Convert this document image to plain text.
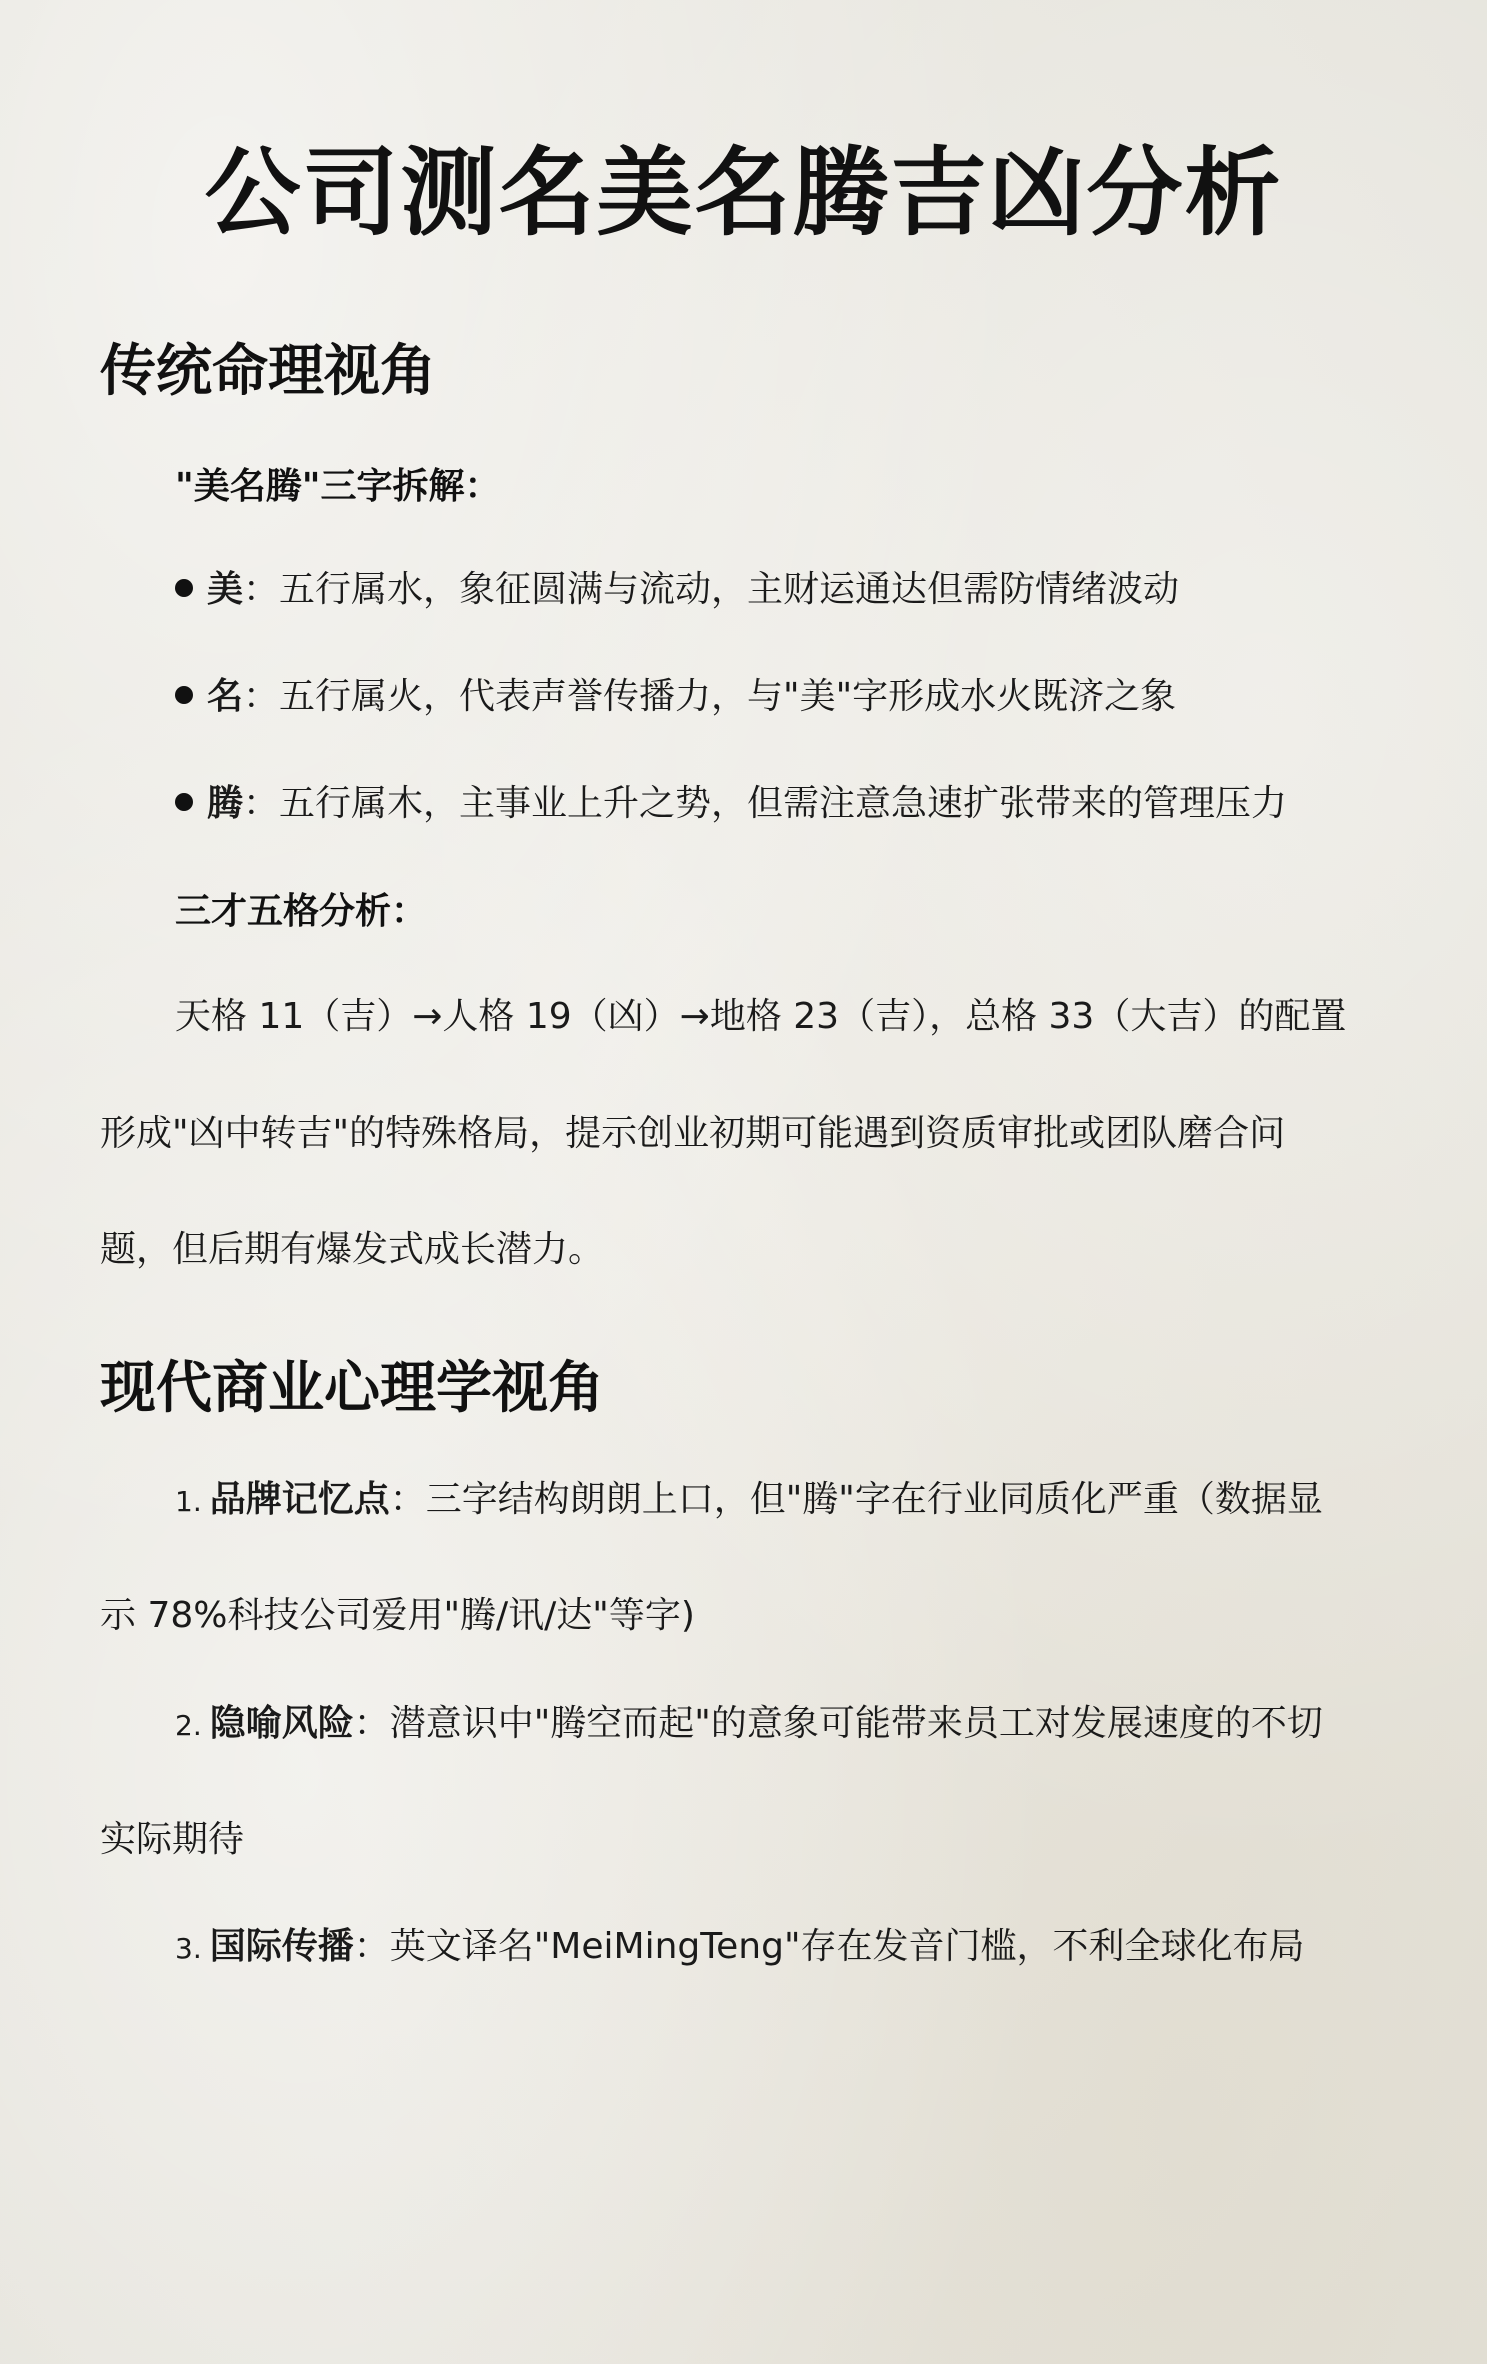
公司测名美名腾吉凶分析
传统命理视角
"美名腾"三字拆解：
美：五行属水，象征圆满与流动，主财运通达但需防情绪波动
名：五行属火，代表声誉传播力，与"美"字形成水火既济之象
腾：五行属木，主事业上升之势，但需注意急速扩张带来的管理压力
三才五格分析：
天格 11（吉）→人格 19（凶）→地格 23（吉），总格 33（大吉）的配置
形成"凶中转吉"的特殊格局，提示创业初期可能遇到资质审批或团队磨合问
题，但后期有爆发式成长潜力。
现代商业心理学视角
1. 品牌记忆点：三字结构朗朗上口，但"腾"字在行业同质化严重（数据显
示 78%科技公司爱用"腾/讯/达"等字)
2. 隐喻风险：潜意识中"腾空而起"的意象可能带来员工对发展速度的不切
实际期待
3. 国际传播：英文译名"MeiMingTeng"存在发音门槛，不利全球化布局
